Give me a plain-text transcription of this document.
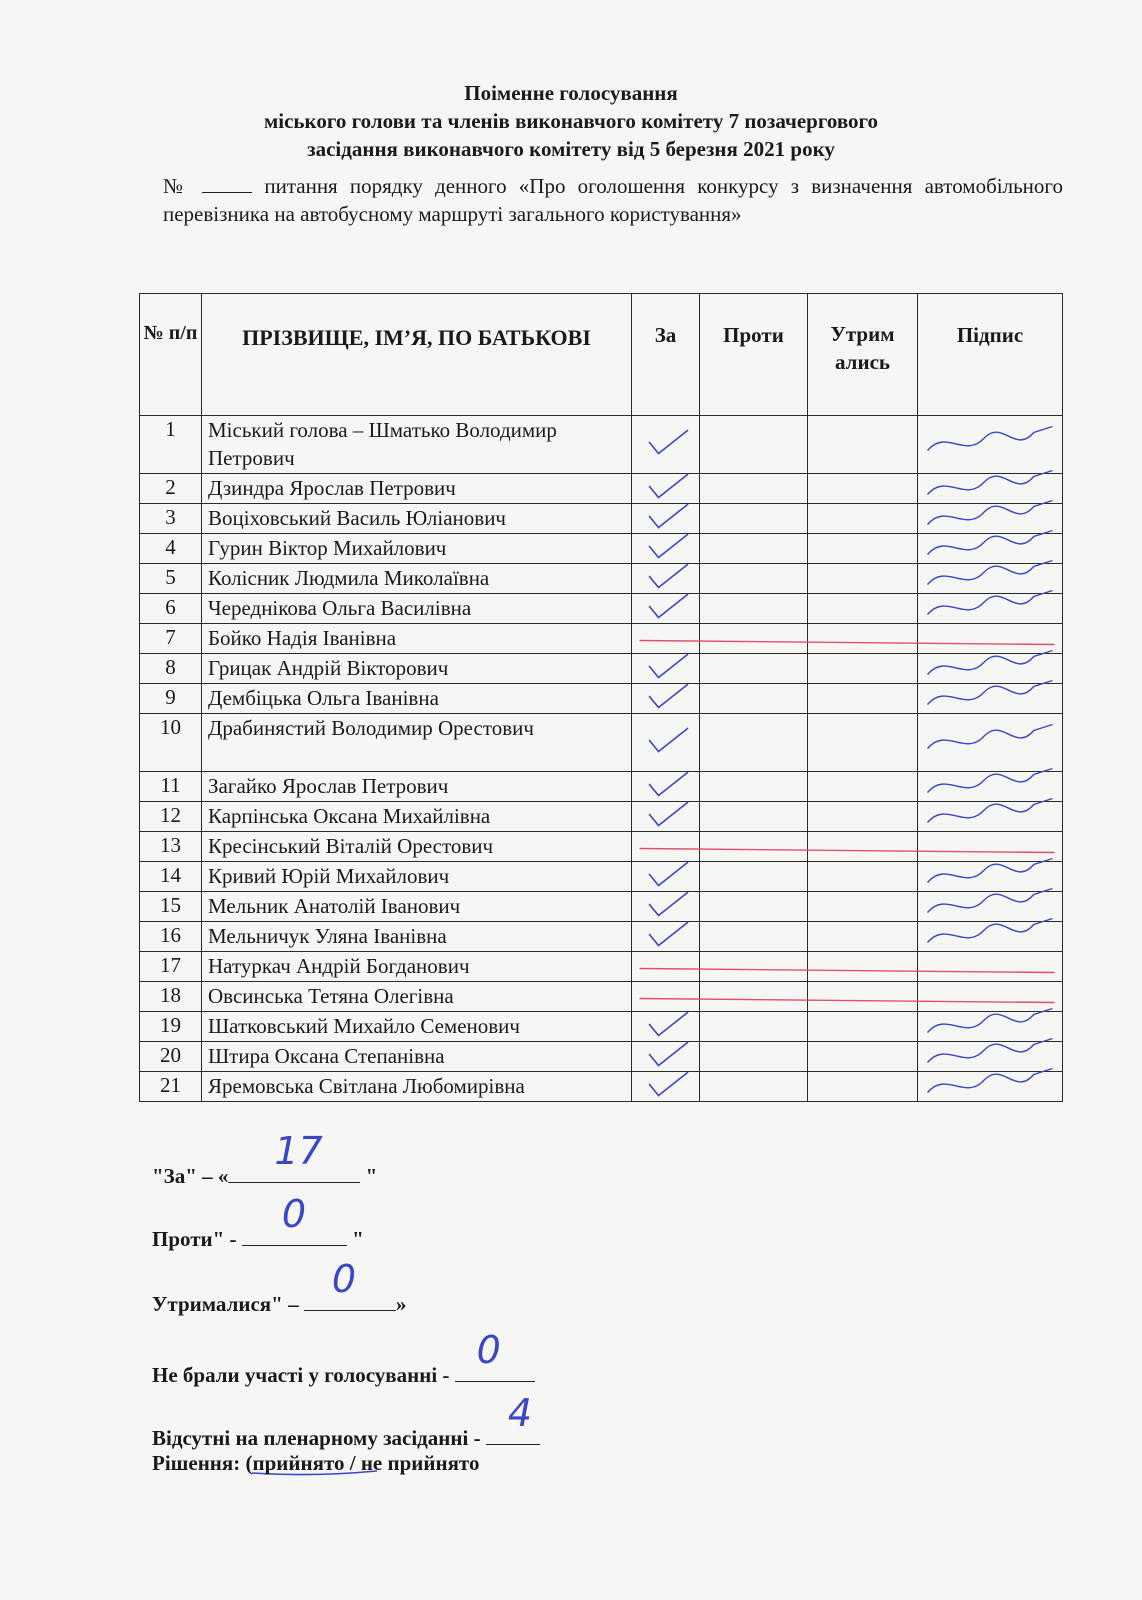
Поіменне голосування
міського голови та членів виконавчого комітету 7 позачергового
засідання виконавчого комітету від 5 березня 2021 року
№	питання порядку денного «Про оголошення конкурсу з визначення автомобільного перевізника на автобусному маршруті загального користування»
№ п/п	ПРІЗВИЩЕ, ІМ’Я, ПО БАТЬКОВІ	За	Проти	Утрим ались	Підпис
1	Міський голова – Шматько Володимир Петрович				
2	Дзиндра Ярослав Петрович				
3	Воціховський Василь Юліанович				
4	Гурин Віктор Михайлович				
5	Колісник Людмила Миколаївна				
6	Череднікова Ольга Василівна				
7	Бойко Надія Іванівна				
8	Грицак Андрій Вікторович				
9	Дембіцька Ольга Іванівна				
10	Драбинястий Володимир Орестович				
11	Загайко Ярослав Петрович				
12	Карпінська Оксана Михайлівна				
13	Кресінський Віталій Орестович				
14	Кривий Юрій Михайлович				
15	Мельник Анатолій Іванович				
16	Мельничук Уляна Іванівна				
17	Натуркач Андрій Богданович				
18	Овсинська Тетяна Олегівна				
19	Шатковський Михайло Семенович				
20	Штира Оксана Степанівна				
21	Яремовська Світлана Любомирівна				
"За" – «
17
"
Проти" -
0
"
Утрималися" –
0
»
Не брали участі у голосуванні -
0
Відсутні на пленарному засіданні -
4
Рішення: (прийнято / не прийнято
